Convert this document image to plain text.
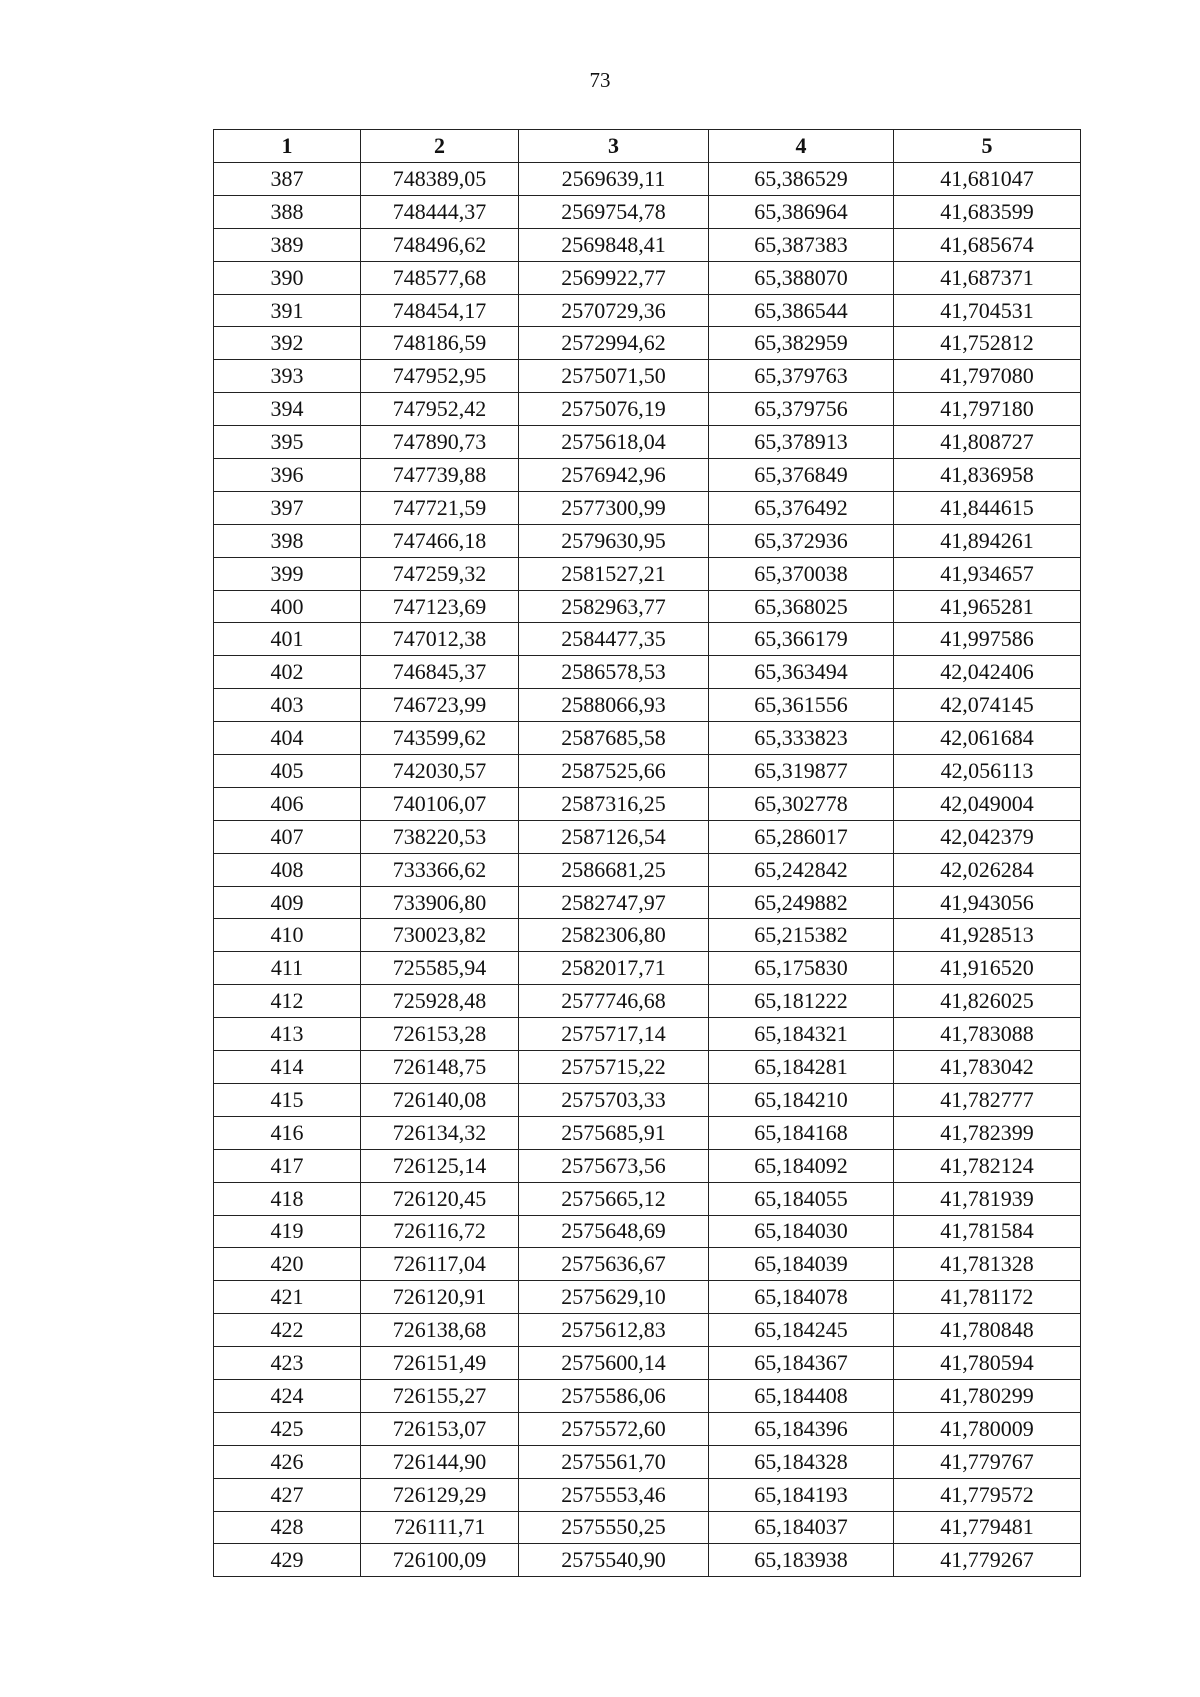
73
1	2	3	4	5
387	748389,05	2569639,11	65,386529	41,681047
388	748444,37	2569754,78	65,386964	41,683599
389	748496,62	2569848,41	65,387383	41,685674
390	748577,68	2569922,77	65,388070	41,687371
391	748454,17	2570729,36	65,386544	41,704531
392	748186,59	2572994,62	65,382959	41,752812
393	747952,95	2575071,50	65,379763	41,797080
394	747952,42	2575076,19	65,379756	41,797180
395	747890,73	2575618,04	65,378913	41,808727
396	747739,88	2576942,96	65,376849	41,836958
397	747721,59	2577300,99	65,376492	41,844615
398	747466,18	2579630,95	65,372936	41,894261
399	747259,32	2581527,21	65,370038	41,934657
400	747123,69	2582963,77	65,368025	41,965281
401	747012,38	2584477,35	65,366179	41,997586
402	746845,37	2586578,53	65,363494	42,042406
403	746723,99	2588066,93	65,361556	42,074145
404	743599,62	2587685,58	65,333823	42,061684
405	742030,57	2587525,66	65,319877	42,056113
406	740106,07	2587316,25	65,302778	42,049004
407	738220,53	2587126,54	65,286017	42,042379
408	733366,62	2586681,25	65,242842	42,026284
409	733906,80	2582747,97	65,249882	41,943056
410	730023,82	2582306,80	65,215382	41,928513
411	725585,94	2582017,71	65,175830	41,916520
412	725928,48	2577746,68	65,181222	41,826025
413	726153,28	2575717,14	65,184321	41,783088
414	726148,75	2575715,22	65,184281	41,783042
415	726140,08	2575703,33	65,184210	41,782777
416	726134,32	2575685,91	65,184168	41,782399
417	726125,14	2575673,56	65,184092	41,782124
418	726120,45	2575665,12	65,184055	41,781939
419	726116,72	2575648,69	65,184030	41,781584
420	726117,04	2575636,67	65,184039	41,781328
421	726120,91	2575629,10	65,184078	41,781172
422	726138,68	2575612,83	65,184245	41,780848
423	726151,49	2575600,14	65,184367	41,780594
424	726155,27	2575586,06	65,184408	41,780299
425	726153,07	2575572,60	65,184396	41,780009
426	726144,90	2575561,70	65,184328	41,779767
427	726129,29	2575553,46	65,184193	41,779572
428	726111,71	2575550,25	65,184037	41,779481
429	726100,09	2575540,90	65,183938	41,779267
